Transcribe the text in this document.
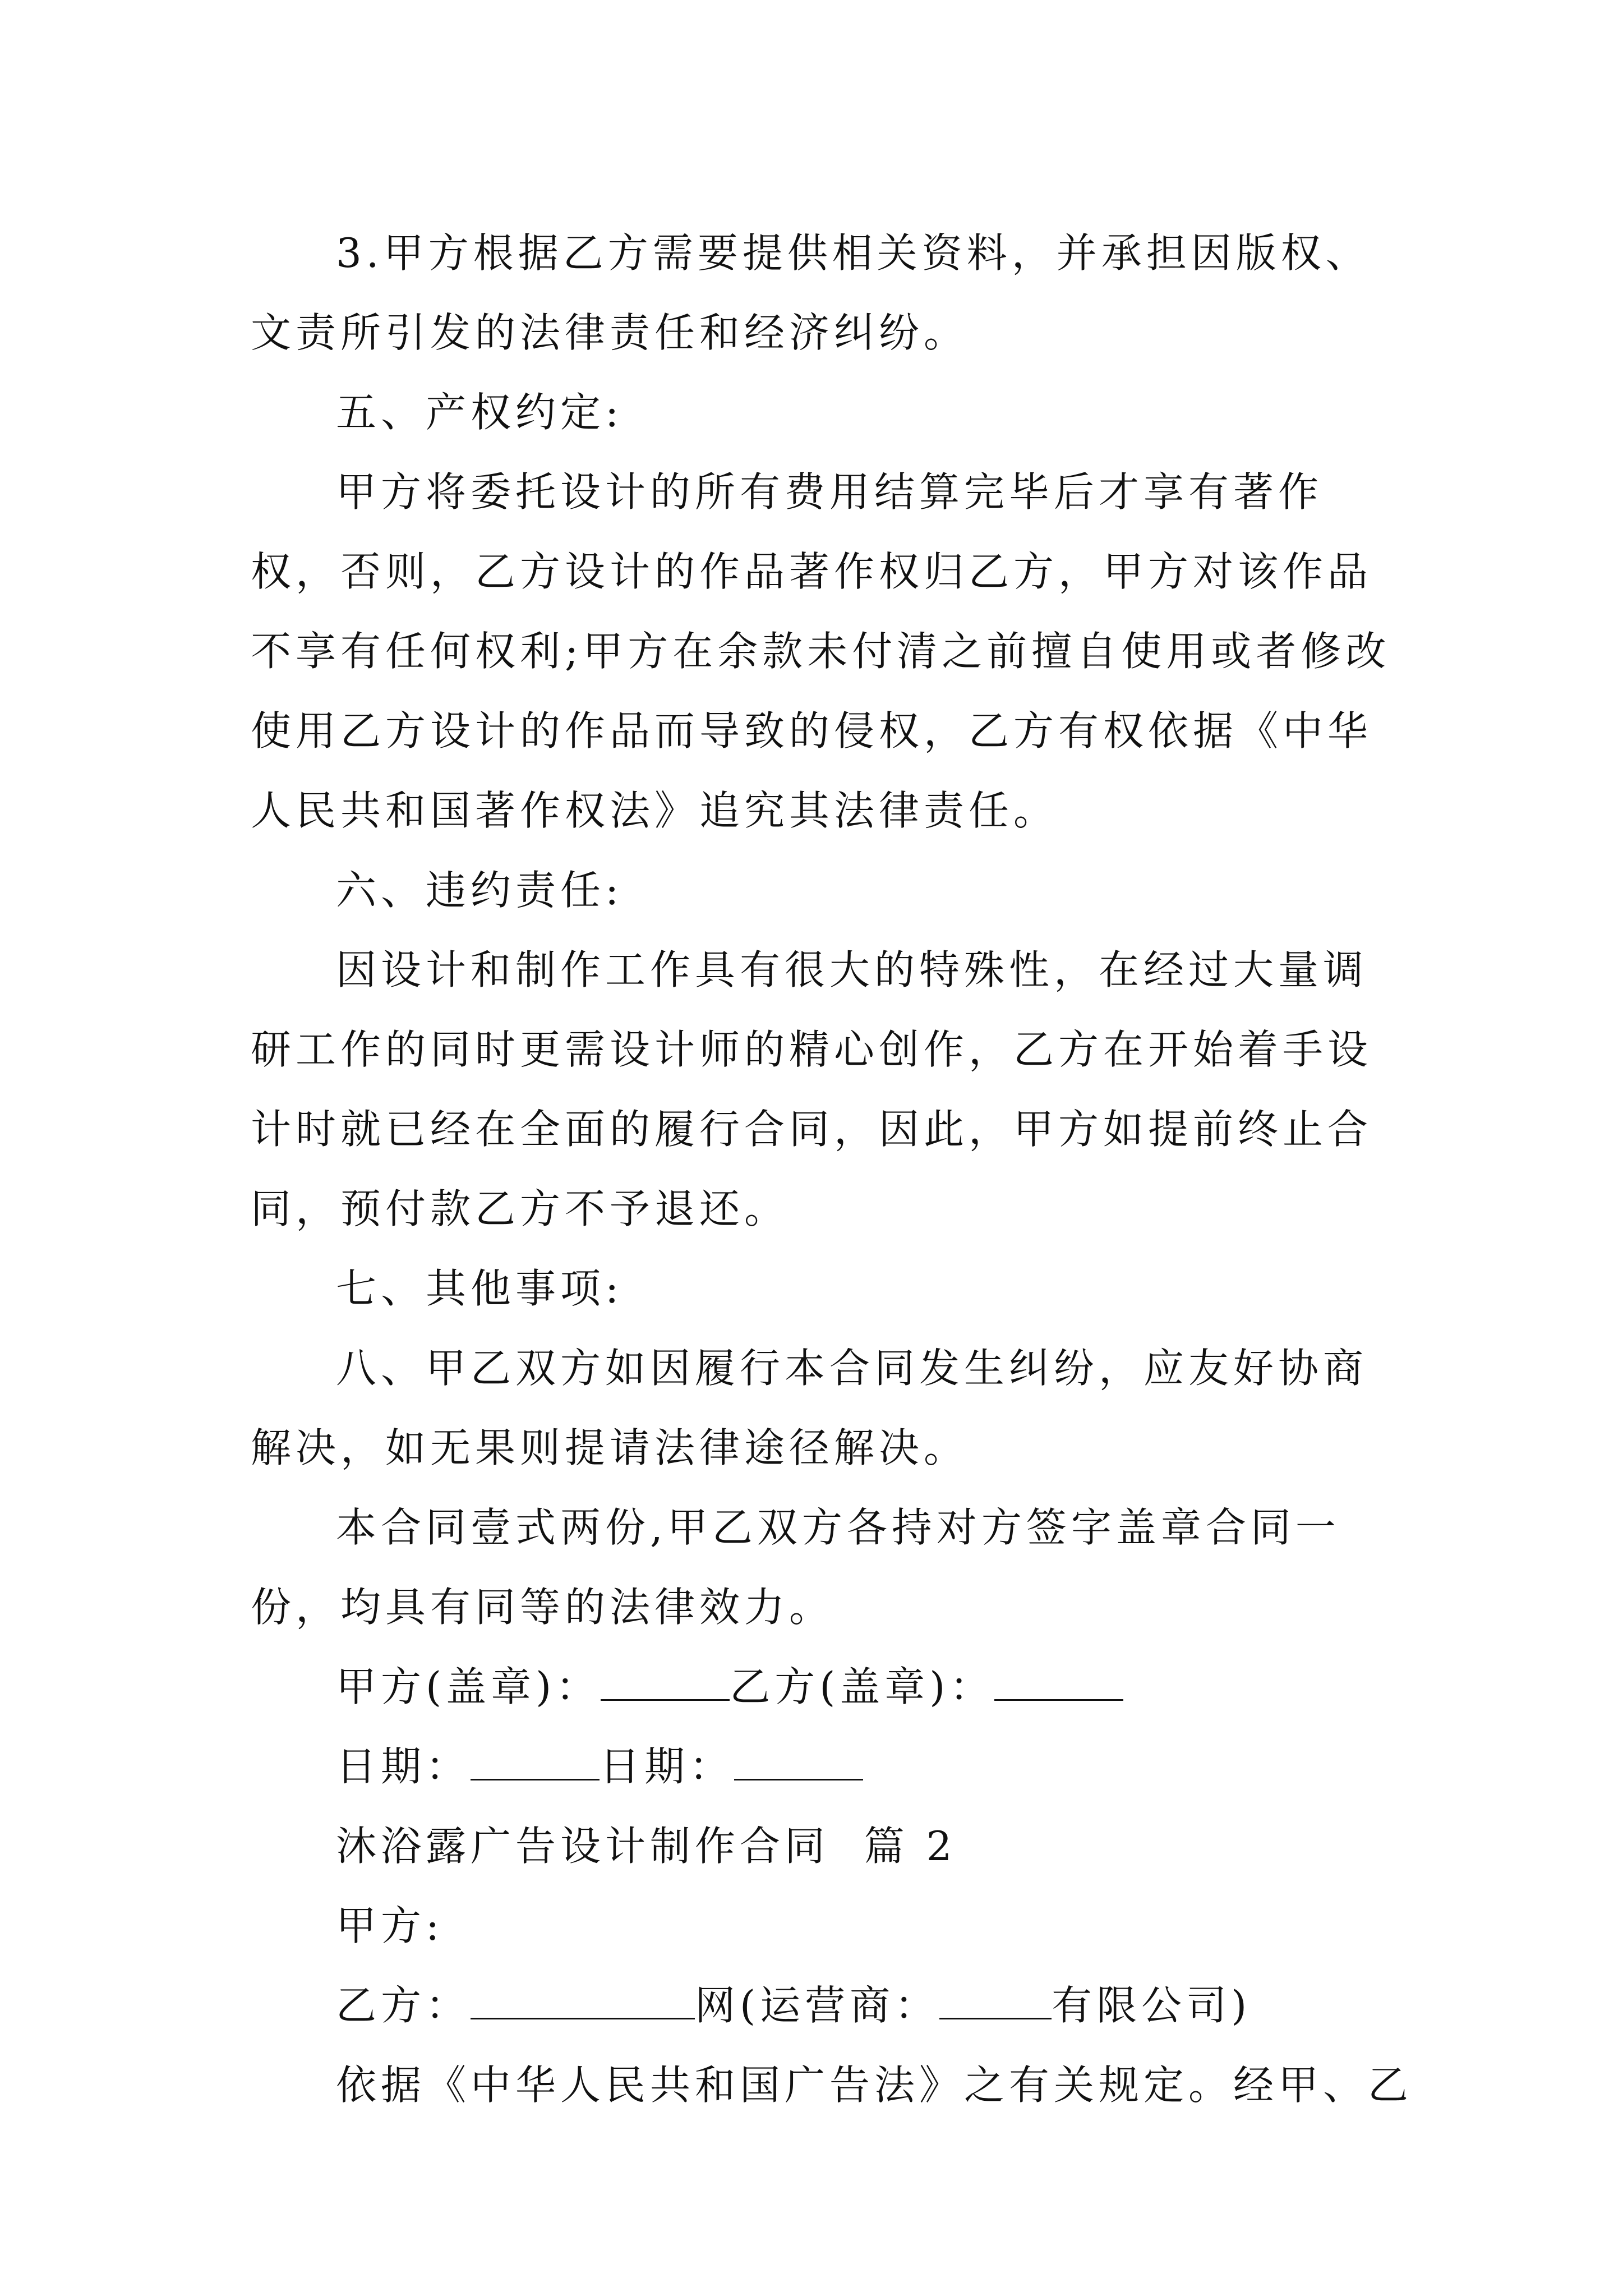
3.甲方根据乙方需要提供相关资料，并承担因版权、文责所引发的法律责任和经济纠纷。

五、产权约定:

甲方将委托设计的所有费用结算完毕后才享有著作权，否则，乙方设计的作品著作权归乙方，甲方对该作品不享有任何权利;甲方在余款未付清之前擅自使用或者修改使用乙方设计的作品而导致的侵权，乙方有权依据《中华人民共和国著作权法》追究其法律责任。

六、违约责任:

因设计和制作工作具有很大的特殊性，在经过大量调研工作的同时更需设计师的精心创作，乙方在开始着手设计时就已经在全面的履行合同，因此，甲方如提前终止合同，预付款乙方不予退还。

七、其他事项:

八、甲乙双方如因履行本合同发生纠纷，应友好协商解决，如无果则提请法律途径解决。

本合同壹式两份,甲乙双方各持对方签字盖章合同一份，均具有同等的法律效力。

甲方(盖章)：	乙方(盖章)：

日期：	日期：

沐浴露广告设计制作合同  篇 2

甲方:

乙方：	网(运营商：	有限公司)

依据《中华人民共和国广告法》之有关规定。经甲、乙
